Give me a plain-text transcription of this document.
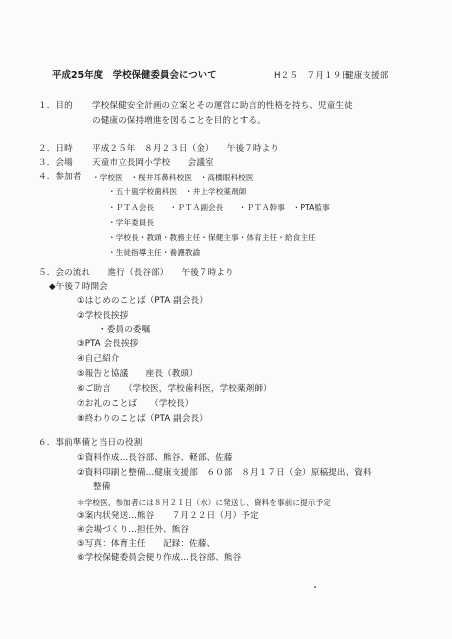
平成25年度　学校保健委員会について	H２５　７月１９日
健康支援部
１．目的 学校保健安全計画の立案とその運営に助言的性格を持ち、児童生徒
の健康の保持増進を図ることを目的とする。
２．日時 平成２５年　８月２３日（金）　　午後７時より
３．会場 天童市立長岡小学校　　会議室
４．参加者 ・学校医　・桜井耳鼻科校医　・高橋眼科校医
・五十嵐学校歯科医　・井上学校薬剤師
・ＰＴＡ会長　　・ＰＴＡ副会長　　・ＰＴＡ幹事　・PTA監事
・学年委員長
・学校長・教頭・教務主任・保健主事・体育主任・給食主任
・生徒指導主任・養護教諭
５．会の流れ　　進行（長谷部）　　午後７時より
◆午後７時開会
①はじめのことば（PTA 副会長）
②学校長挨拶
・委員の委嘱
③PTA 会長挨拶
④自己紹介
⑤報告と協議　　座長（教頭）
⑥ご助言　　（学校医，学校歯科医，学校薬剤師）
⑦お礼のことば　　（学校長）
⑧終わりのことば（PTA 副会長）
６．事前準備と当日の役割
①資料作成…長谷部、熊谷、軽部、佐藤
②資料印刷と整備…健康支援部　６０部　８月１７日（金）原稿提出、資料
整備
＊学校医、参加者には８月２１日（水）に発送し、資料を事前に提示予定
③案内状発送…熊谷　　７月２２日（月）予定
④会場づくり…担任外、熊谷
⑤写真：体育主任　　記録：佐藤、
⑥学校保健委員会便り作成…長谷部、熊谷
